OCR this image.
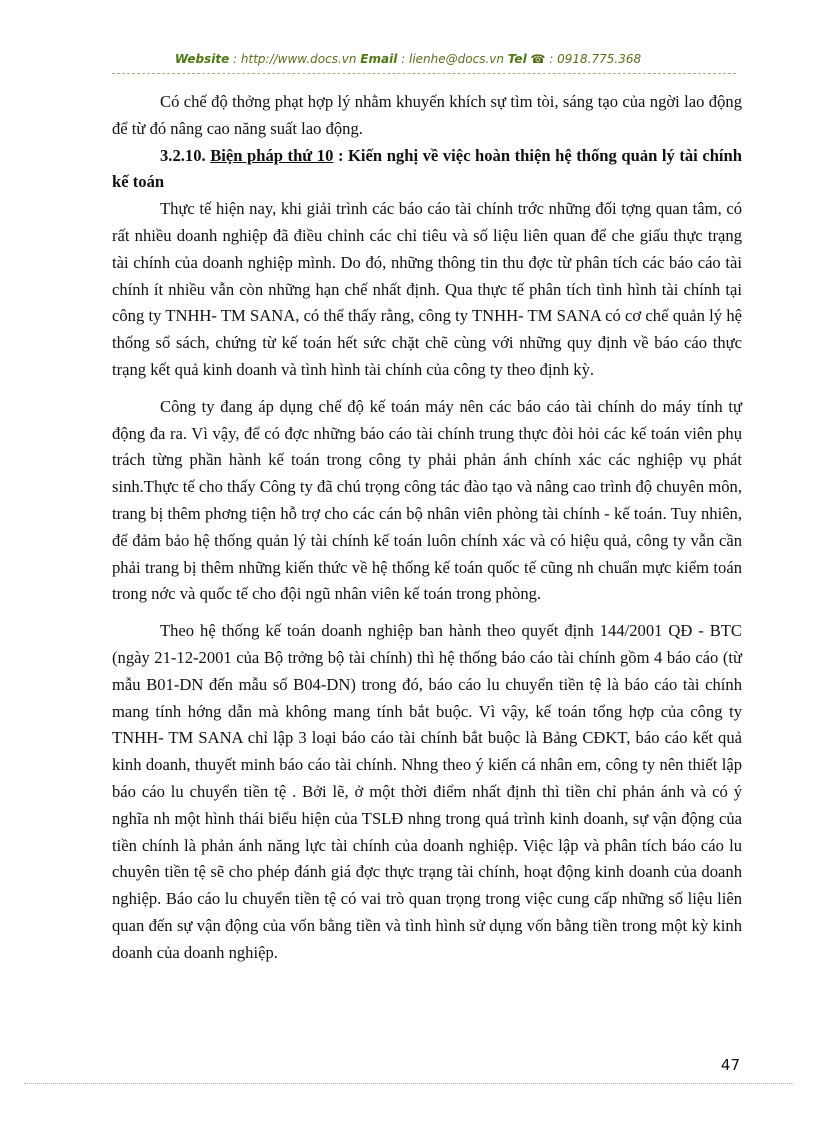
Website : http://www.docs.vn Email : lienhe@docs.vn Tel ☎ : 0918.775.368

Có chế độ thởng phạt hợp lý nhằm khuyến khích sự tìm tòi, sáng tạo của ngời lao động để từ đó nâng cao năng suất lao động.

3.2.10. Biện pháp thứ 10 : Kiến nghị về việc hoàn thiện hệ thống quản lý tài chính kế toán

Thực tế hiện nay, khi giải trình các báo cáo tài chính trớc những đối tợng quan tâm, có rất nhiều doanh nghiệp đã điều chỉnh các chỉ tiêu và số liệu liên quan để che giấu thực trạng tài chính của doanh nghiệp mình. Do đó, những thông tin thu đợc từ phân tích các báo cáo tài chính ít nhiều vẫn còn những hạn chế nhất định. Qua thực tế phân tích tình hình tài chính tại công ty TNHH- TM SANA, có thể thấy rằng, công ty TNHH- TM SANA có cơ chế quản lý hệ thống sổ sách, chứng từ kế toán hết sức chặt chẽ cùng với những quy định về báo cáo thực trạng kết quả kinh doanh và tình hình tài chính của công ty theo định kỳ.

Công ty đang áp dụng chế độ kế toán máy nên các báo cáo tài chính do máy tính tự động đa ra. Vì vậy, để có đợc những báo cáo tài chính trung thực đòi hỏi các kế toán viên phụ trách từng phần hành kế toán trong công ty phải phản ánh chính xác các nghiệp vụ phát sinh.Thực tế cho thấy Công ty đã chú trọng công tác đào tạo và nâng cao trình độ chuyên môn, trang bị thêm phơng tiện hỗ trợ cho các cán bộ nhân viên phòng tài chính - kế toán. Tuy nhiên, để đảm bảo hệ thống quản lý tài chính kế toán luôn chính xác và có hiệu quả, công ty vẫn cần phải trang bị thêm những kiến thức về hệ thống kế toán quốc tế cũng nh chuẩn mực kiểm toán trong nớc và quốc tế cho đội ngũ nhân viên kế toán trong phòng.

Theo hệ thống kế toán doanh nghiệp ban hành theo quyết định 144/2001 QĐ - BTC (ngày 21-12-2001 của Bộ trởng bộ tài chính) thì hệ thống báo cáo tài chính gồm 4 báo cáo (từ mẫu B01-DN đến mẫu số B04-DN) trong đó, báo cáo lu chuyển tiền tệ là báo cáo tài chính mang tính hớng dẫn mà không mang tính bắt buộc. Vì vậy, kế toán tổng hợp của công ty TNHH- TM SANA chỉ lập 3 loại báo cáo tài chính bắt buộc là Bảng CĐKT, báo cáo kết quả kinh doanh, thuyết minh báo cáo tài chính. Nhng theo ý kiến cá nhân em, công ty nên thiết lập báo cáo lu chuyển tiền tệ . Bởi lẽ, ở một thời điểm nhất định thì tiền chỉ phản ánh và có ý nghĩa nh một hình thái biểu hiện của TSLĐ nhng trong quá trình kinh doanh, sự vận động của tiền chính là phản ánh năng lực tài chính của doanh nghiệp. Việc lập và phân tích báo cáo lu chuyên tiền tệ sẽ cho phép đánh giá đợc thực trạng tài chính, hoạt động kinh doanh của doanh nghiệp. Báo cáo lu chuyển tiền tệ có vai trò quan trọng trong việc cung cấp những số liệu liên quan đến sự vận động của vốn bằng tiền và tình hình sử dụng vốn bằng tiền trong một kỳ kinh doanh của doanh nghiệp.

47
